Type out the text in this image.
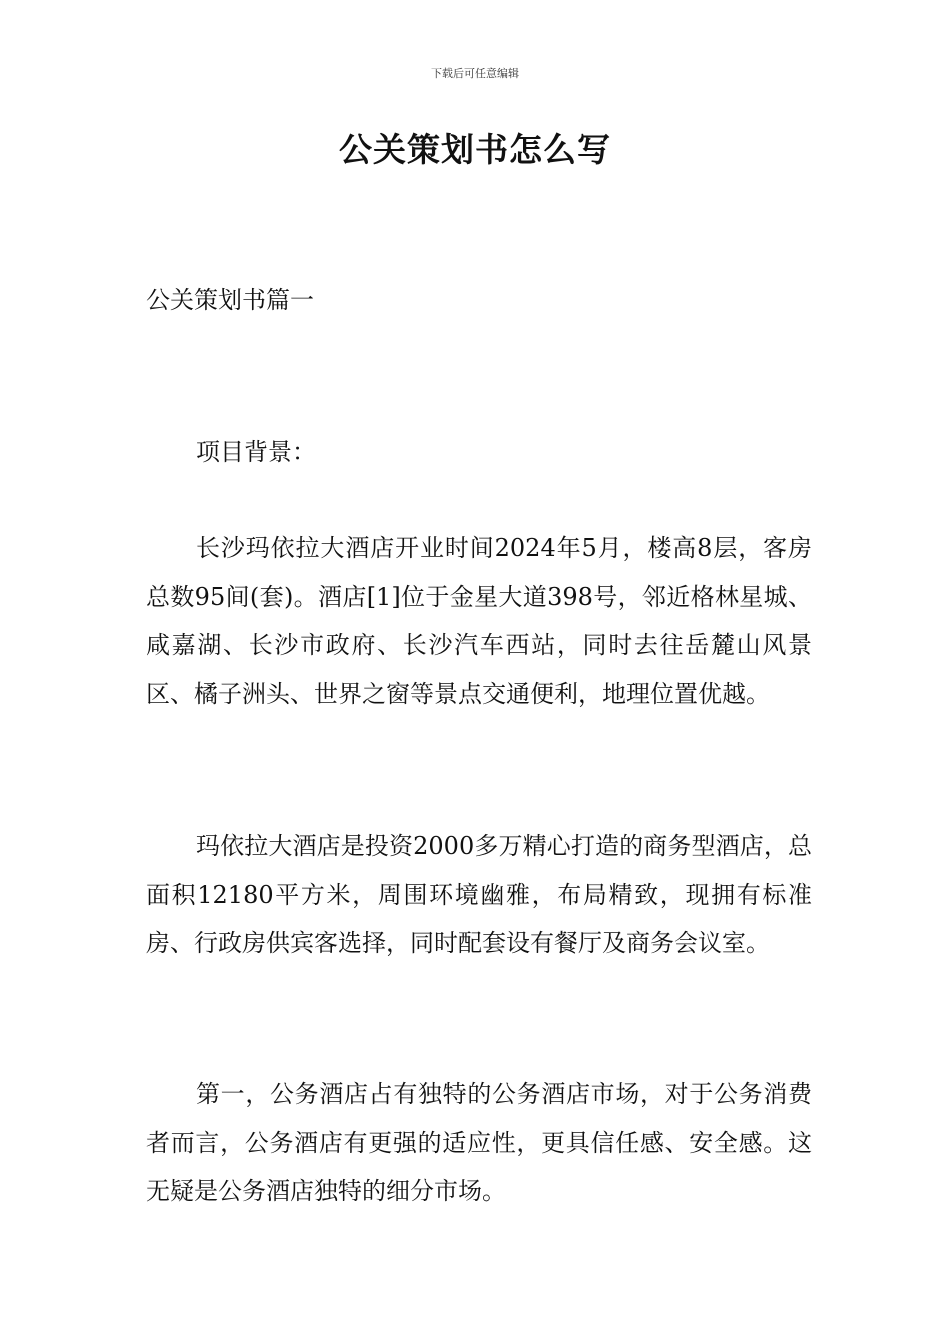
下载后可任意编辑
公关策划书怎么写
公关策划书篇一

项目背景：

长沙玛依拉大酒店开业时间2024年5月，楼高8层，客房总数95间(套)。酒店[1]位于金星大道398号，邻近格林星城、咸嘉湖、长沙市政府、长沙汽车西站，同时去往岳麓山风景区、橘子洲头、世界之窗等景点交通便利，地理位置优越。

玛依拉大酒店是投资2000多万精心打造的商务型酒店，总面积12180平方米，周围环境幽雅，布局精致，现拥有标准房、行政房供宾客选择，同时配套设有餐厅及商务会议室。

第一，公务酒店占有独特的公务酒店市场，对于公务消费者而言，公务酒店有更强的适应性，更具信任感、安全感。这无疑是公务酒店独特的细分市场。
